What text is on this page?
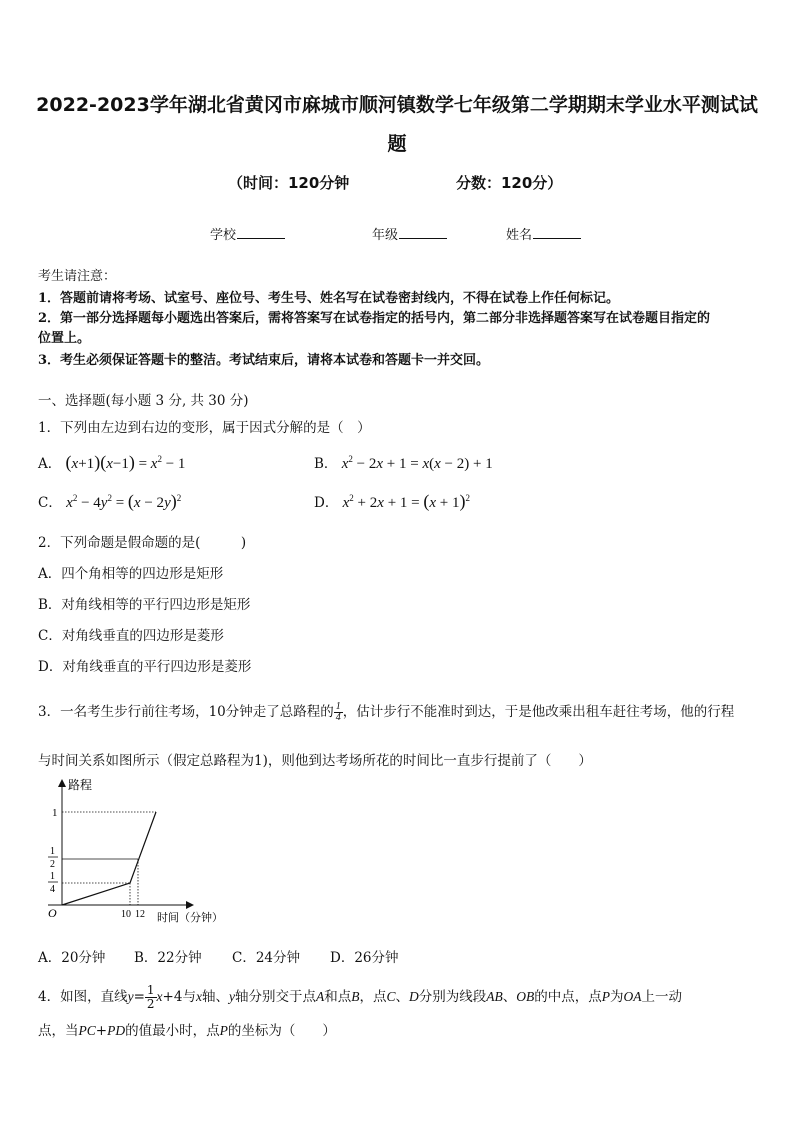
2022-2023学年湖北省黄冈市麻城市顺河镇数学七年级第二学期期末学业水平测试试
题
（时间：120分钟	分数：120分）
学校	年级	姓名
考生请注意：
1．答题前请将考场、试室号、座位号、考生号、姓名写在试卷密封线内，不得在试卷上作任何标记。
2．第一部分选择题每小题选出答案后，需将答案写在试卷指定的括号内，第二部分非选择题答案写在试卷题目指定的
位置上。
3．考生必须保证答题卡的整洁。考试结束后，请将本试卷和答题卡一并交回。
一、选择题(每小题 3 分, 共 30 分)
1．下列由左边到右边的变形，属于因式分解的是（　）
A． $(x+1)(x-1) = x^2 - 1$	B． $x^2 - 2x + 1 = x(x - 2) + 1$
C． $x^2 - 4y^2 = (x - 2y)^2$	D． $x^2 + 2x + 1 = (x + 1)^2$
2．下列命题是假命题的是(　　　)
A．四个角相等的四边形是矩形
B．对角线相等的平行四边形是矩形
C．对角线垂直的四边形是菱形
D．对角线垂直的平行四边形是菱形
3．一名考生步行前往考场，10分钟走了总路程的 $\frac{1}{4}$ ，估计步行不能准时到达，于是他改乘出租车赶往考场，他的行程
与时间关系如图所示（假定总路程为1)，则他到达考场所花的时间比一直步行提前了（　　）
路程
1
1
2
1
4
O	10 12 时间（分钟）
A．20分钟 B．22分钟 C．24分钟 D．26分钟
4．如图，直线$y= \frac{1}{2} x+4$与x轴、y轴分别交于点A和点B，点C、D分别为线段AB、OB的中点，点P为OA上一动
点，当PC+PD的值最小时，点P的坐标为（　　）
